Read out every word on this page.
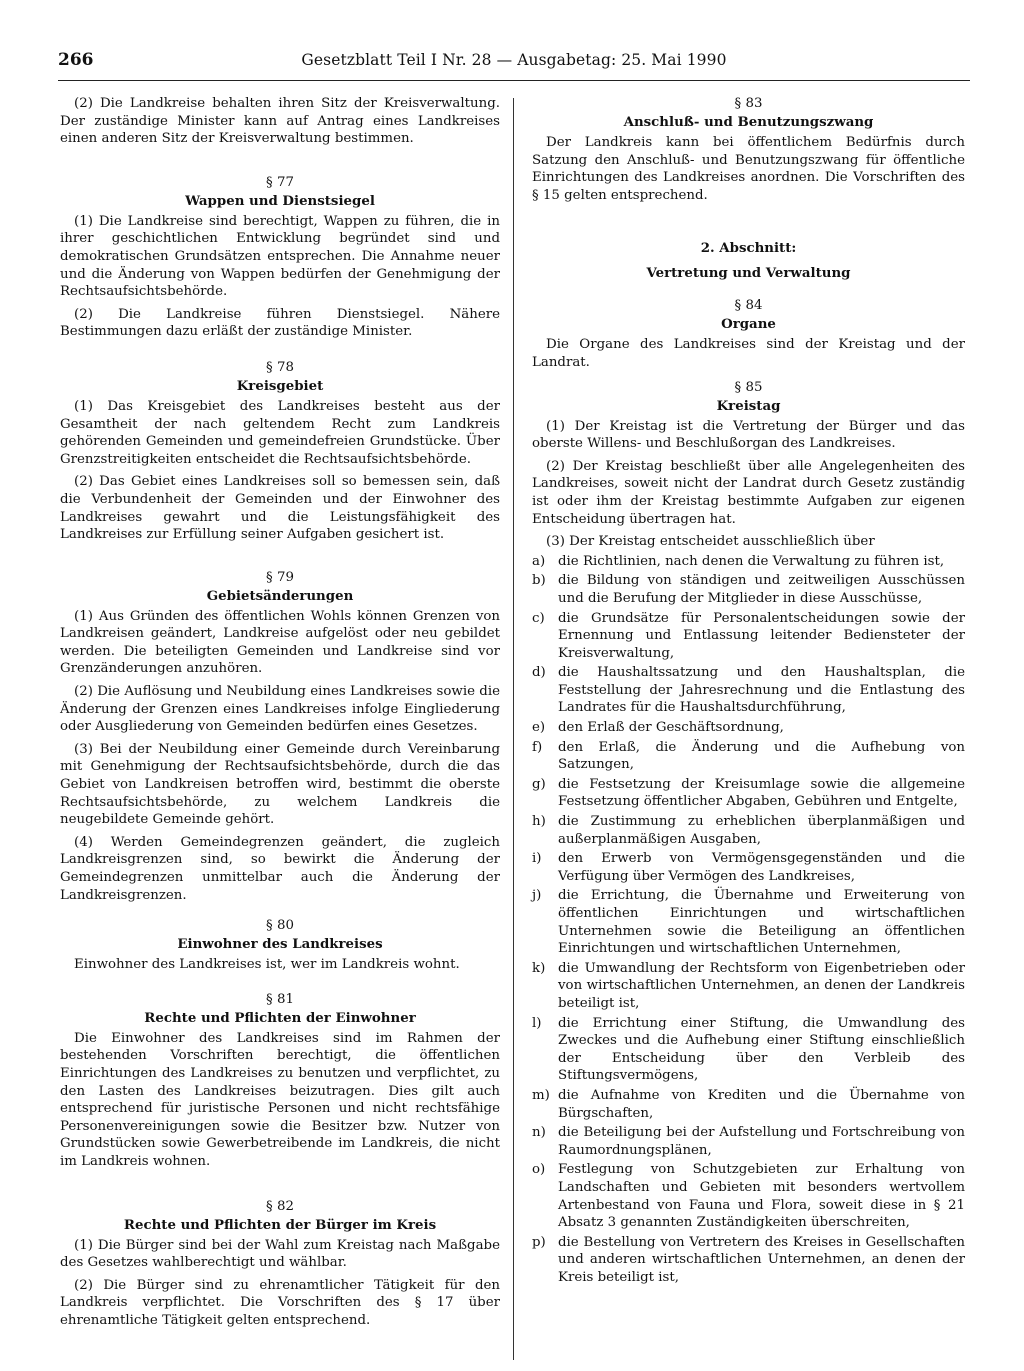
266	Gesetzblatt Teil I Nr. 28 — Ausgabetag: 25. Mai 1990

(2) Die Landkreise behalten ihren Sitz der Kreisverwaltung. Der zuständige Minister kann auf Antrag eines Landkreises einen anderen Sitz der Kreisverwaltung bestimmen.

§ 77

Wappen und Dienstsiegel

(1) Die Landkreise sind berechtigt, Wappen zu führen, die in ihrer geschichtlichen Entwicklung begründet sind und demokratischen Grundsätzen entsprechen. Die Annahme neuer und die Änderung von Wappen bedürfen der Genehmigung der Rechtsaufsichtsbehörde.

(2) Die Landkreise führen Dienstsiegel. Nähere Bestimmungen dazu erläßt der zuständige Minister.

§ 78

Kreisgebiet

(1) Das Kreisgebiet des Landkreises besteht aus der Gesamtheit der nach geltendem Recht zum Landkreis gehörenden Gemeinden und gemeindefreien Grundstücke. Über Grenzstreitigkeiten entscheidet die Rechtsaufsichtsbehörde.

(2) Das Gebiet eines Landkreises soll so bemessen sein, daß die Verbundenheit der Gemeinden und der Einwohner des Landkreises gewahrt und die Leistungsfähigkeit des Landkreises zur Erfüllung seiner Aufgaben gesichert ist.

§ 79

Gebietsänderungen

(1) Aus Gründen des öffentlichen Wohls können Grenzen von Landkreisen geändert, Landkreise aufgelöst oder neu gebildet werden. Die beteiligten Gemeinden und Landkreise sind vor Grenzänderungen anzuhören.

(2) Die Auflösung und Neubildung eines Landkreises sowie die Änderung der Grenzen eines Landkreises infolge Eingliederung oder Ausgliederung von Gemeinden bedürfen eines Gesetzes.

(3) Bei der Neubildung einer Gemeinde durch Vereinbarung mit Genehmigung der Rechtsaufsichtsbehörde, durch die das Gebiet von Landkreisen betroffen wird, bestimmt die oberste Rechtsaufsichtsbehörde, zu welchem Landkreis die neugebildete Gemeinde gehört.

(4) Werden Gemeindegrenzen geändert, die zugleich Landkreisgrenzen sind, so bewirkt die Änderung der Gemeindegrenzen unmittelbar auch die Änderung der Landkreisgrenzen.

§ 80

Einwohner des Landkreises

Einwohner des Landkreises ist, wer im Landkreis wohnt.

§ 81

Rechte und Pflichten der Einwohner

Die Einwohner des Landkreises sind im Rahmen der bestehenden Vorschriften berechtigt, die öffentlichen Einrichtungen des Landkreises zu benutzen und verpflichtet, zu den Lasten des Landkreises beizutragen. Dies gilt auch entsprechend für juristische Personen und nicht rechtsfähige Personenvereinigungen sowie die Besitzer bzw. Nutzer von Grundstücken sowie Gewerbetreibende im Landkreis, die nicht im Landkreis wohnen.

§ 82

Rechte und Pflichten der Bürger im Kreis

(1) Die Bürger sind bei der Wahl zum Kreistag nach Maßgabe des Gesetzes wahlberechtigt und wählbar.

(2) Die Bürger sind zu ehrenamtlicher Tätigkeit für den Landkreis verpflichtet. Die Vorschriften des § 17 über ehrenamtliche Tätigkeit gelten entsprechend.

§ 83

Anschluß- und Benutzungszwang

Der Landkreis kann bei öffentlichem Bedürfnis durch Satzung den Anschluß- und Benutzungszwang für öffentliche Einrichtungen des Landkreises anordnen. Die Vorschriften des § 15 gelten entsprechend.

2. Abschnitt:

Vertretung und Verwaltung

§ 84

Organe

Die Organe des Landkreises sind der Kreistag und der Landrat.

§ 85

Kreistag

(1) Der Kreistag ist die Vertretung der Bürger und das oberste Willens- und Beschlußorgan des Landkreises.

(2) Der Kreistag beschließt über alle Angelegenheiten des Landkreises, soweit nicht der Landrat durch Gesetz zuständig ist oder ihm der Kreistag bestimmte Aufgaben zur eigenen Entscheidung übertragen hat.

(3) Der Kreistag entscheidet ausschließlich über

a) die Richtlinien, nach denen die Verwaltung zu führen ist,
b) die Bildung von ständigen und zeitweiligen Ausschüssen und die Berufung der Mitglieder in diese Ausschüsse,
c) die Grundsätze für Personalentscheidungen sowie der Ernennung und Entlassung leitender Bediensteter der Kreisverwaltung,
d) die Haushaltssatzung und den Haushaltsplan, die Feststellung der Jahresrechnung und die Entlastung des Landrates für die Haushaltsdurchführung,
e) den Erlaß der Geschäftsordnung,
f)	den Erlaß, die Änderung und die Aufhebung von Satzungen,
g) die Festsetzung der Kreisumlage sowie die allgemeine Festsetzung öffentlicher Abgaben, Gebühren und Entgelte,
h) die Zustimmung zu erheblichen überplanmäßigen und außerplanmäßigen Ausgaben,
i)	den Erwerb von Vermögensgegenständen und die Verfügung über Vermögen des Landkreises,
j)	die Errichtung, die Übernahme und Erweiterung von öffentlichen Einrichtungen und wirtschaftlichen Unternehmen sowie die Beteiligung an öffentlichen Einrichtungen und wirtschaftlichen Unternehmen,
k) die Umwandlung der Rechtsform von Eigenbetrieben oder von wirtschaftlichen Unternehmen, an denen der Landkreis beteiligt ist,
l)	die Errichtung einer Stiftung, die Umwandlung des Zweckes und die Aufhebung einer Stiftung einschließlich der Entscheidung über den Verbleib des Stiftungsvermögens,
m) die Aufnahme von Krediten und die Übernahme von Bürgschaften,
n) die Beteiligung bei der Aufstellung und Fortschreibung von Raumordnungsplänen,
o) Festlegung von Schutzgebieten zur Erhaltung von Landschaften und Gebieten mit besonders wertvollem Artenbestand von Fauna und Flora, soweit diese in § 21 Absatz 3 genannten Zuständigkeiten überschreiten,
p) die Bestellung von Vertretern des Kreises in Gesellschaften und anderen wirtschaftlichen Unternehmen, an denen der Kreis beteiligt ist,
